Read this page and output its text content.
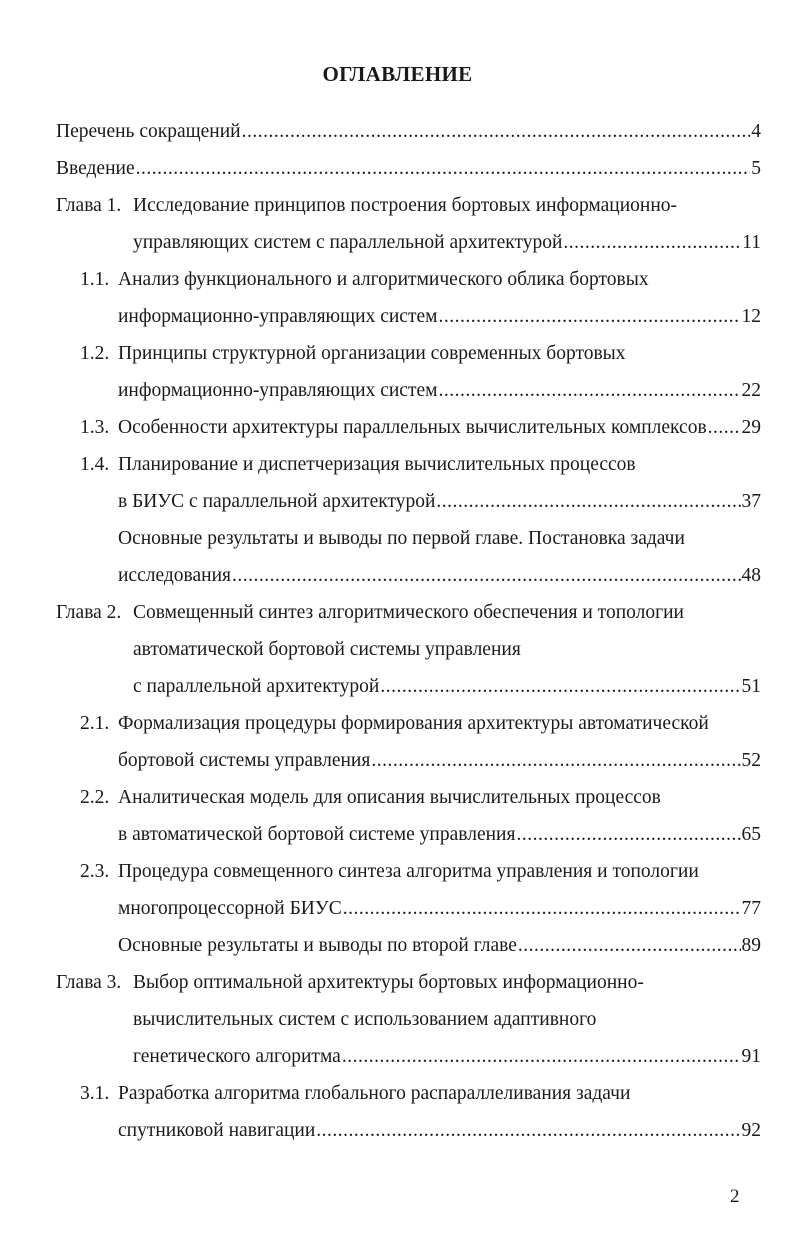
ОГЛАВЛЕНИЕ
Перечень сокращений .....	4
Введение .....	5
Глава 1. Исследование принципов построения бортовых информационно-
управляющих систем с параллельной архитектурой .....	11
1.1. Анализ функционального и алгоритмического облика бортовых
информационно-управляющих систем .....	12
1.2. Принципы структурной организации современных бортовых
информационно-управляющих систем .....	22
1.3. Особенности архитектуры параллельных вычислительных комплексов ..... 29
1.4. Планирование и диспетчеризация вычислительных процессов
в БИУС с параллельной архитектурой .....	37
Основные результаты и выводы по первой главе. Постановка задачи
исследования .....	48
Глава 2. Совмещенный синтез алгоритмического обеспечения и топологии
автоматической бортовой системы управления
с параллельной архитектурой .....	51
2.1. Формализация процедуры формирования архитектуры автоматической
бортовой системы управления .....	52
2.2. Аналитическая модель для описания вычислительных процессов
в автоматической бортовой системе управления .....	65
2.3. Процедура совмещенного синтеза алгоритма управления и топологии
многопроцессорной БИУС .....	77
Основные результаты и выводы по второй главе .....	89
Глава 3. Выбор оптимальной архитектуры бортовых информационно-
вычислительных систем с использованием адаптивного
генетического алгоритма .....	91
3.1. Разработка алгоритма глобального распараллеливания задачи
спутниковой навигации .....	92
2
